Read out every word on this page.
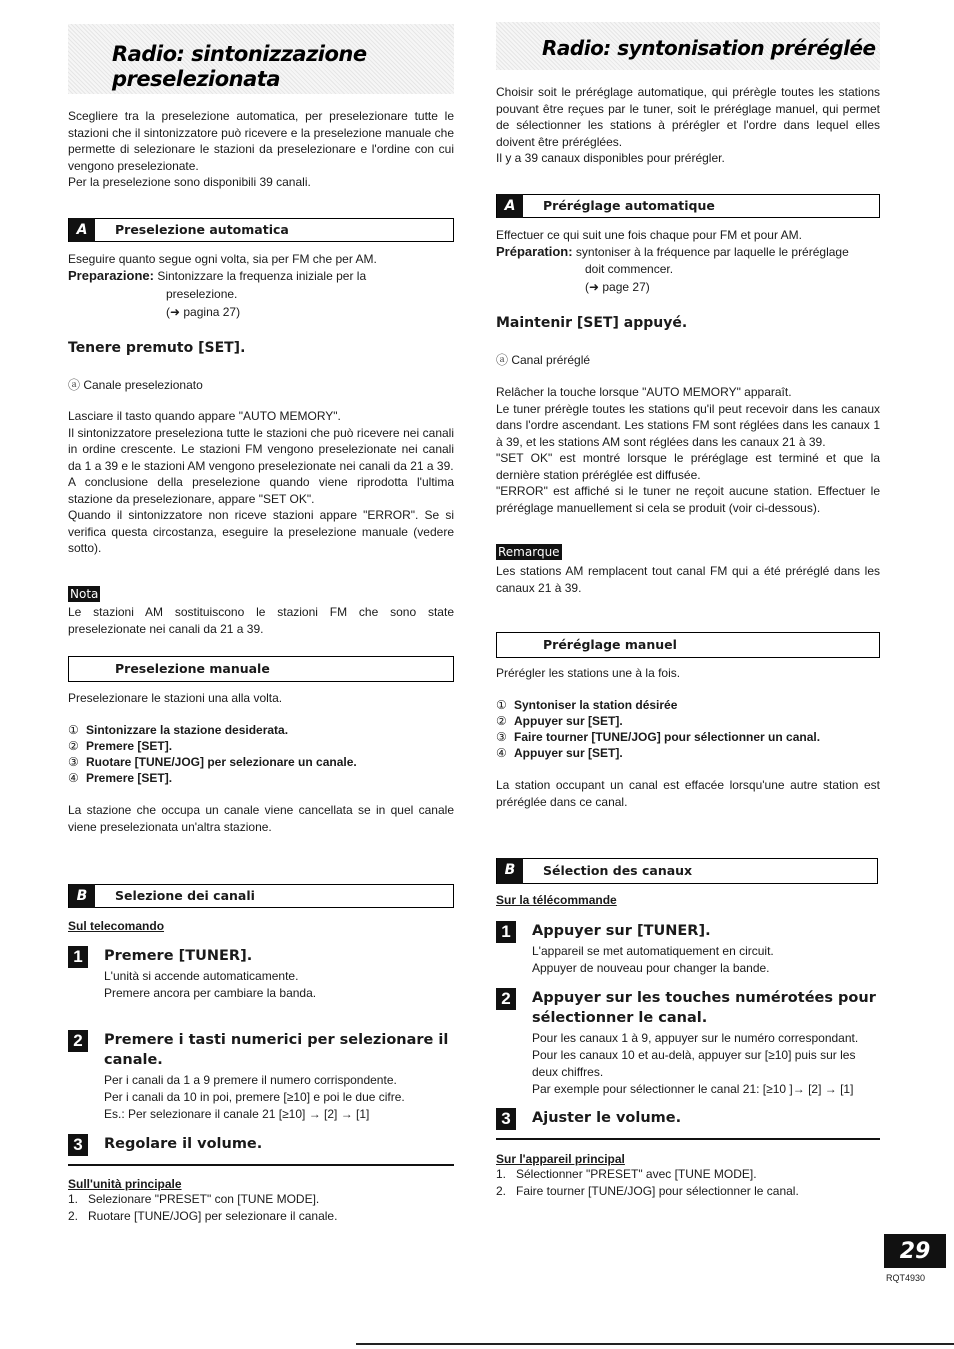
Radio: sintonizzazione
preselezionata

Scegliere tra la preselezione automatica, per preselezionare tutte le stazioni che il sintonizzatore può ricevere e la preselezione manuale che permette di selezionare le stazioni da preselezionare e l'ordine con cui vengono preselezionate.

Per la preselezione sono disponibili 39 canali.

A	Preselezione automatica
Eseguire quanto segue ogni volta, sia per FM che per AM.
Preparazione: Sintonizzare la frequenza iniziale per la
preselezione.
(➜ pagina 27)
Tenere premuto [SET].
ⓐ Canale preselezionato

Lasciare il tasto quando appare "AUTO MEMORY".

Il sintonizzatore preseleziona tutte le stazioni che può ricevere nei canali in ordine crescente. Le stazioni FM vengono preselezionate nei canali da 1 a 39 e le stazioni AM vengono preselezionate nei canali da 21 a 39.

A conclusione della preselezione quando viene riprodotta l'ultima stazione da preselezionare, appare "SET OK".

Quando il sintonizzatore non riceve stazioni appare "ERROR". Se si verifica questa circostanza, eseguire la preselezione manuale (vedere sotto).

Nota

Le stazioni AM sostituiscono le stazioni FM che sono state preselezionate nei canali da 21 a 39.

Preselezione manuale
Preselezionare le stazioni una alla volta.
① Sintonizzare la stazione desiderata.
② Premere [SET].
③ Ruotare [TUNE/JOG] per selezionare un canale.
④ Premere [SET].

La stazione che occupa un canale viene cancellata se in quel canale viene preselezionata un'altra stazione.

B	Selezione dei canali
Sul telecomando
1	Premere [TUNER].
L'unità si accende automaticamente.
Premere ancora per cambiare la banda.
2	Premere i tasti numerici per selezionare il canale.
Per i canali da 1 a 9 premere il numero corrispondente.
Per i canali da 10 in poi, premere [≥10] e poi le due cifre.
Es.: Per selezionare il canale 21 [≥10] → [2] → [1]
3	Regolare il volume.
Sull'unità principale
1. Selezionare "PRESET" con [TUNE MODE].
2. Ruotare [TUNE/JOG] per selezionare il canale.
Radio: syntonisation préréglée

Choisir soit le préréglage automatique, qui prérègle toutes les stations pouvant être reçues par le tuner, soit le préréglage manuel, qui permet de sélectionner les stations à prérégler et l'ordre dans lequel elles doivent être préréglées.

Il y a 39 canaux disponibles pour prérégler.

A	Préréglage automatique
Effectuer ce qui suit une fois chaque pour FM et pour AM.
Préparation: syntoniser à la fréquence par laquelle le préréglage
doit commencer.
(➜ page 27)
Maintenir [SET] appuyé.
ⓐ Canal préréglé

Relâcher la touche lorsque "AUTO MEMORY" apparaît.

Le tuner prérègle toutes les stations qu'il peut recevoir dans les canaux dans l'ordre ascendant. Les stations FM sont réglées dans les canaux 1 à 39, et les stations AM sont réglées dans les canaux 21 à 39.

"SET OK" est montré lorsque le préréglage est terminé et que la dernière station préréglée est diffusée.

"ERROR" est affiché si le tuner ne reçoit aucune station. Effectuer le préréglage manuellement si cela se produit (voir ci-dessous).

Remarque

Les stations AM remplacent tout canal FM qui a été préréglé dans les canaux 21 à 39.

Préréglage manuel
Prérégler les stations une à la fois.
① Syntoniser la station désirée
② Appuyer sur [SET].
③ Faire tourner [TUNE/JOG] pour sélectionner un canal.
④ Appuyer sur [SET].

La station occupant un canal est effacée lorsqu'une autre station est préréglée dans ce canal.

B	Sélection des canaux
Sur la télécommande
1	Appuyer sur [TUNER].
L'appareil se met automatiquement en circuit.
Appuyer de nouveau pour changer la bande.
2	Appuyer sur les touches numérotées pour sélectionner le canal.
Pour les canaux 1 à 9, appuyer sur le numéro correspondant.
Pour les canaux 10 et au-delà, appuyer sur [≥10] puis sur les deux chiffres.
Par exemple pour sélectionner le canal 21: [≥10 ]→ [2] → [1]
3	Ajuster le volume.
Sur l'appareil principal
1. Sélectionner "PRESET" avec [TUNE MODE].
2. Faire tourner [TUNE/JOG] pour sélectionner le canal.
29
RQT4930
